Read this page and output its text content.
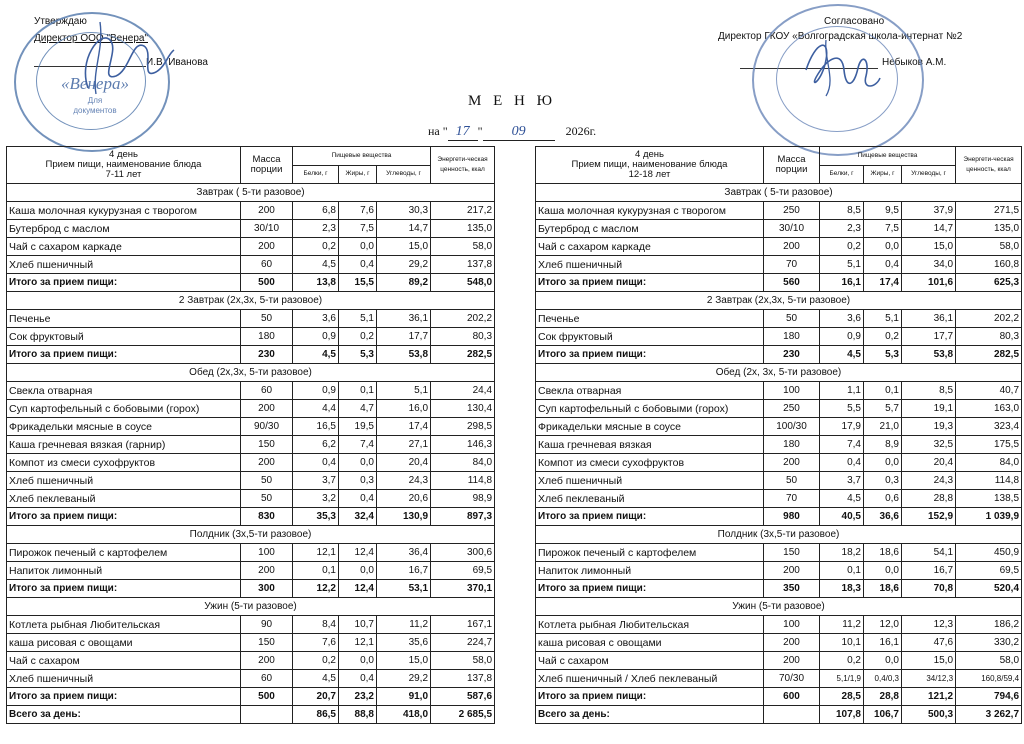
Утверждаю
Директор ООО "Венера"
И.В. Иванова
«Венера»
Для
документов
Согласовано
Директор ГКОУ «Волгоградская школа-интернат №2
Небыков А.М.
М Е Н Ю
на " 17 " 09	2026г.
4 день
Прием пищи, наименование блюда
7-11 лет	Масса порции	Пищевые вещества			Энергети-ческая ценность, ккал
		Белки, г	Жиры, г	Углеводы, г	
Завтрак ( 5-ти разовое)					
Каша молочная кукурузная с творогом	200	6,8	7,6	30,3	217,2
Бутерброд с маслом	30/10	2,3	7,5	14,7	135,0
Чай с сахаром каркаде	200	0,2	0,0	15,0	58,0
Хлеб пшеничный	60	4,5	0,4	29,2	137,8
Итого за прием пищи:	500	13,8	15,5	89,2	548,0
2 Завтрак (2х,3х, 5-ти разовое)					
Печенье	50	3,6	5,1	36,1	202,2
Сок фруктовый	180	0,9	0,2	17,7	80,3
Итого за прием пищи:	230	4,5	5,3	53,8	282,5
Обед (2х,3х, 5-ти разовое)					
Свекла отварная	60	0,9	0,1	5,1	24,4
Суп картофельный с бобовыми (горох)	200	4,4	4,7	16,0	130,4
Фрикадельки мясные в соусе	90/30	16,5	19,5	17,4	298,5
Каша гречневая вязкая (гарнир)	150	6,2	7,4	27,1	146,3
Компот из смеси сухофруктов	200	0,4	0,0	20,4	84,0
Хлеб пшеничный	50	3,7	0,3	24,3	114,8
Хлеб пеклеваный	50	3,2	0,4	20,6	98,9
Итого за прием пищи:	830	35,3	32,4	130,9	897,3
Полдник (3х,5-ти разовое)					
Пирожок печеный с картофелем	100	12,1	12,4	36,4	300,6
Напиток лимонный	200	0,1	0,0	16,7	69,5
Итого за прием пищи:	300	12,2	12,4	53,1	370,1
Ужин (5-ти разовое)					
Котлета рыбная Любительская	90	8,4	10,7	11,2	167,1
каша рисовая с овощами	150	7,6	12,1	35,6	224,7
Чай с сахаром	200	0,2	0,0	15,0	58,0
Хлеб пшеничный	60	4,5	0,4	29,2	137,8
Итого за прием пищи:	500	20,7	23,2	91,0	587,6
Всего за день:		86,5	88,8	418,0	2 685,5
4 день
Прием пищи, наименование блюда
12-18 лет	Масса порции	Пищевые вещества			Энергети-ческая ценность, ккал
		Белки, г	Жиры, г	Углеводы, г	
Завтрак ( 5-ти разовое)					
Каша молочная кукурузная с творогом	250	8,5	9,5	37,9	271,5
Бутерброд с маслом	30/10	2,3	7,5	14,7	135,0
Чай с сахаром каркаде	200	0,2	0,0	15,0	58,0
Хлеб пшеничный	70	5,1	0,4	34,0	160,8
Итого за прием пищи:	560	16,1	17,4	101,6	625,3
2 Завтрак (2х,3х, 5-ти разовое)					
Печенье	50	3,6	5,1	36,1	202,2
Сок фруктовый	180	0,9	0,2	17,7	80,3
Итого за прием пищи:	230	4,5	5,3	53,8	282,5
Обед (2х, 3х, 5-ти разовое)					
Свекла отварная	100	1,1	0,1	8,5	40,7
Суп картофельный с бобовыми (горох)	250	5,5	5,7	19,1	163,0
Фрикадельки мясные в соусе	100/30	17,9	21,0	19,3	323,4
Каша гречневая вязкая	180	7,4	8,9	32,5	175,5
Компот из смеси сухофруктов	200	0,4	0,0	20,4	84,0
Хлеб пшеничный	50	3,7	0,3	24,3	114,8
Хлеб пеклеваный	70	4,5	0,6	28,8	138,5
Итого за прием пищи:	980	40,5	36,6	152,9	1 039,9
Полдник (3х,5-ти разовое)					
Пирожок печеный с картофелем	150	18,2	18,6	54,1	450,9
Напиток лимонный	200	0,1	0,0	16,7	69,5
Итого за прием пищи:	350	18,3	18,6	70,8	520,4
Ужин (5-ти разовое)					
Котлета рыбная Любительская	100	11,2	12,0	12,3	186,2
каша рисовая с овощами	200	10,1	16,1	47,6	330,2
Чай с сахаром	200	0,2	0,0	15,0	58,0
Хлеб пшеничный / Хлеб пеклеваный	70/30	5,1/1,9	0,4/0,3	34/12,3	160,8/59,4
Итого за прием пищи:	600	28,5	28,8	121,2	794,6
Всего за день:		107,8	106,7	500,3	3 262,7
